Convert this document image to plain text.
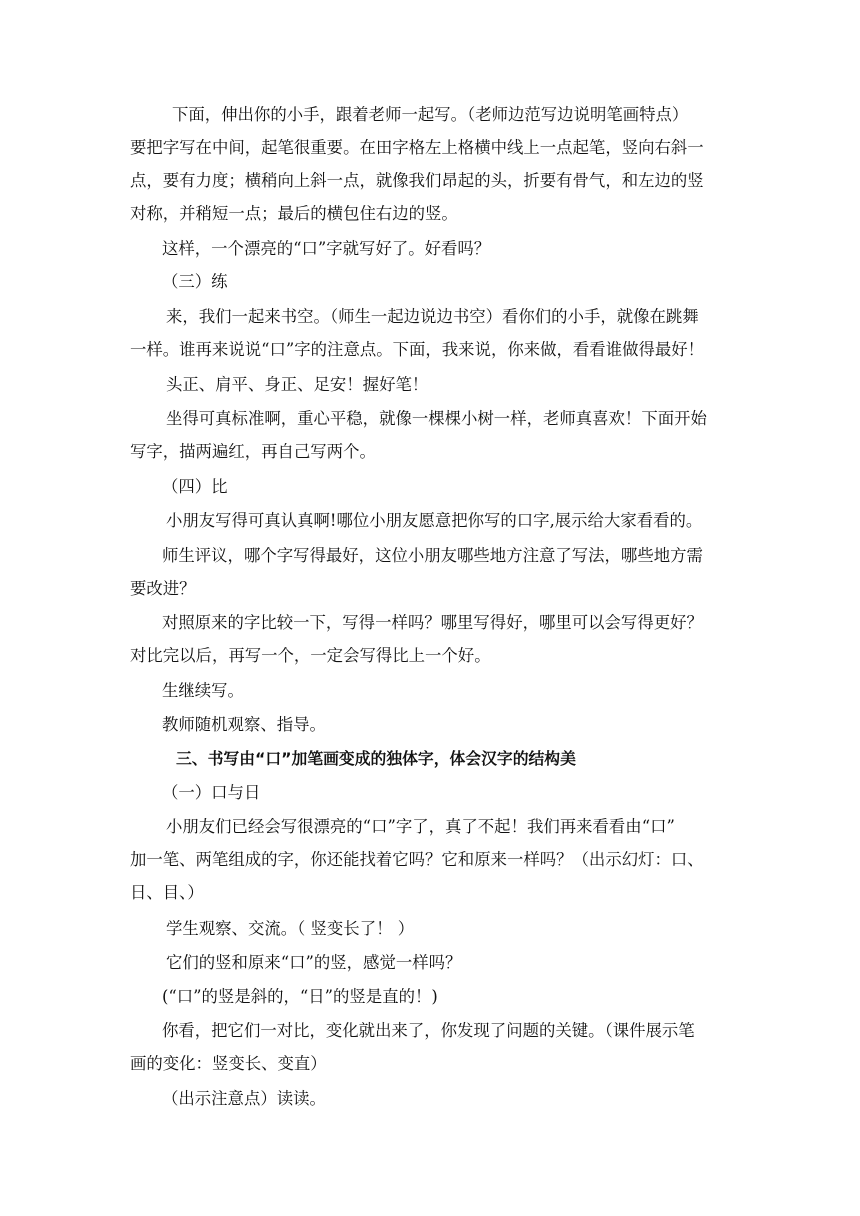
下面，伸出你的小手，跟着老师一起写。（老师边范写边说明笔画特点）
要把字写在中间，起笔很重要。在田字格左上格横中线上一点起笔，竖向右斜一
点，要有力度；横稍向上斜一点，就像我们昂起的头，折要有骨气，和左边的竖
对称，并稍短一点；最后的横包住右边的竖。
这样，一个漂亮的“口”字就写好了。好看吗？
（三）练
来，我们一起来书空。（师生一起边说边书空）看你们的小手，就像在跳舞
一样。谁再来说说“口”字的注意点。下面，我来说，你来做，看看谁做得最好！
头正、肩平、身正、足安！握好笔！
坐得可真标准啊，重心平稳，就像一棵棵小树一样，老师真喜欢！下面开始
写字，描两遍红，再自己写两个。
（四）比
小朋友写得可真认真啊!哪位小朋友愿意把你写的口字,展示给大家看看的。
师生评议，哪个字写得最好，这位小朋友哪些地方注意了写法，哪些地方需
要改进？
对照原来的字比较一下，写得一样吗？哪里写得好，哪里可以会写得更好？
对比完以后，再写一个，一定会写得比上一个好。
生继续写。
教师随机观察、指导。
三、书写由“口”加笔画变成的独体字，体会汉字的结构美
（一）口与日
小朋友们已经会写很漂亮的“口”字了，真了不起！我们再来看看由“口”
加一笔、两笔组成的字，你还能找着它吗？它和原来一样吗？（出示幻灯：口、
日、目、）
学生观察、交流。（ 竖变长了！ ）
它们的竖和原来“口”的竖，感觉一样吗？
(“口”的竖是斜的，“日”的竖是直的！)
你看，把它们一对比，变化就出来了，你发现了问题的关键。（课件展示笔
画的变化：竖变长、变直）
（出示注意点）读读。
